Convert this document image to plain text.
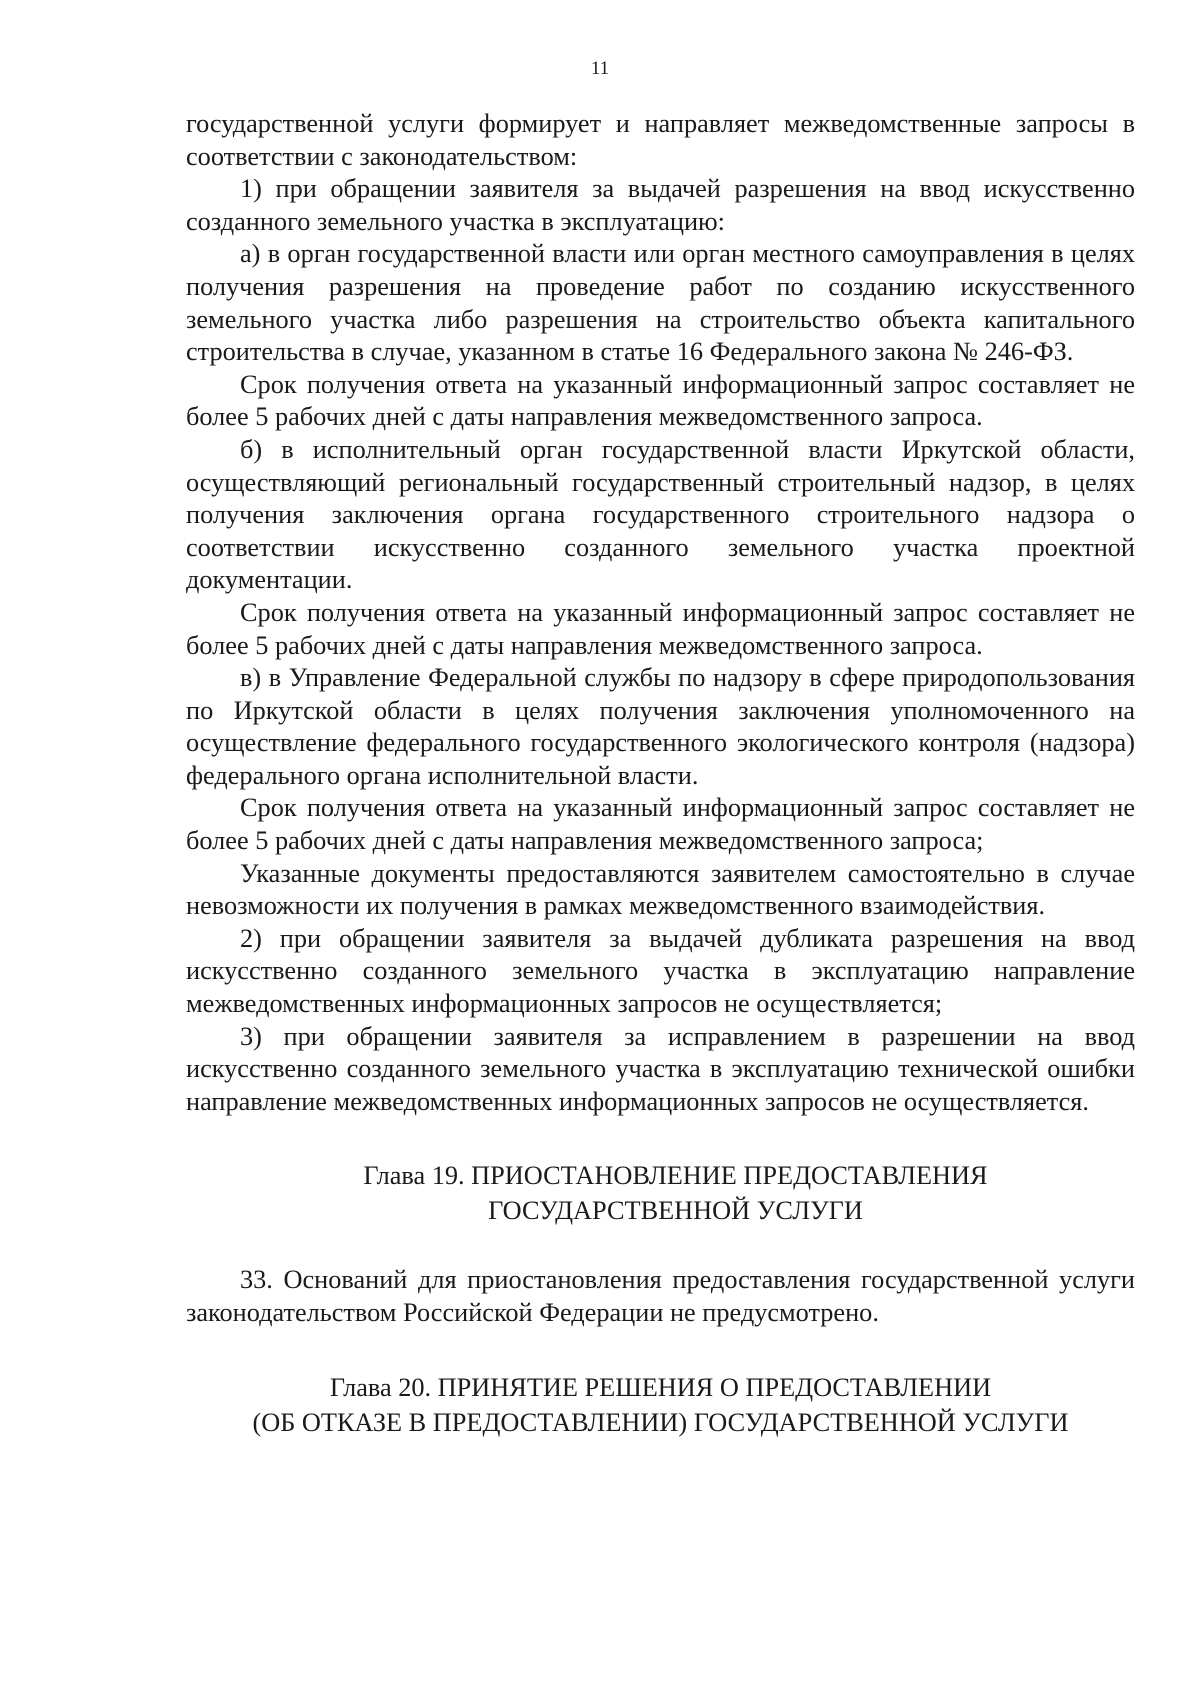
11

государственной услуги формирует и направляет межведомственные запросы в соответствии с законодательством:

1) при обращении заявителя за выдачей разрешения на ввод искусственно созданного земельного участка в эксплуатацию:

а) в орган государственной власти или орган местного самоуправления в целях получения разрешения на проведение работ по созданию искусственного земельного участка либо разрешения на строительство объекта капитального строительства в случае, указанном в статье 16 Федерального закона № 246-ФЗ.

Срок получения ответа на указанный информационный запрос составляет не более 5 рабочих дней с даты направления межведомственного запроса.

б) в исполнительный орган государственной власти Иркутской области, осуществляющий региональный государственный строительный надзор, в целях получения заключения органа государственного строительного надзора о соответствии искусственно созданного земельного участка проектной документации.

Срок получения ответа на указанный информационный запрос составляет не более 5 рабочих дней с даты направления межведомственного запроса.

в) в Управление Федеральной службы по надзору в сфере природопользования по Иркутской области в целях получения заключения уполномоченного на осуществление федерального государственного экологического контроля (надзора) федерального органа исполнительной власти.

Срок получения ответа на указанный информационный запрос составляет не более 5 рабочих дней с даты направления межведомственного запроса;

Указанные документы предоставляются заявителем самостоятельно в случае невозможности их получения в рамках межведомственного взаимодействия.

2) при обращении заявителя за выдачей дубликата разрешения на ввод искусственно созданного земельного участка в эксплуатацию направление межведомственных информационных запросов не осуществляется;

3) при обращении заявителя за исправлением в разрешении на ввод искусственно созданного земельного участка в эксплуатацию технической ошибки направление межведомственных информационных запросов не осуществляется.

Глава 19. ПРИОСТАНОВЛЕНИЕ ПРЕДОСТАВЛЕНИЯ
ГОСУДАРСТВЕННОЙ УСЛУГИ

33. Оснований для приостановления предоставления государственной услуги законодательством Российской Федерации не предусмотрено.

Глава 20. ПРИНЯТИЕ РЕШЕНИЯ О ПРЕДОСТАВЛЕНИИ
(ОБ ОТКАЗЕ В ПРЕДОСТАВЛЕНИИ) ГОСУДАРСТВЕННОЙ УСЛУГИ
